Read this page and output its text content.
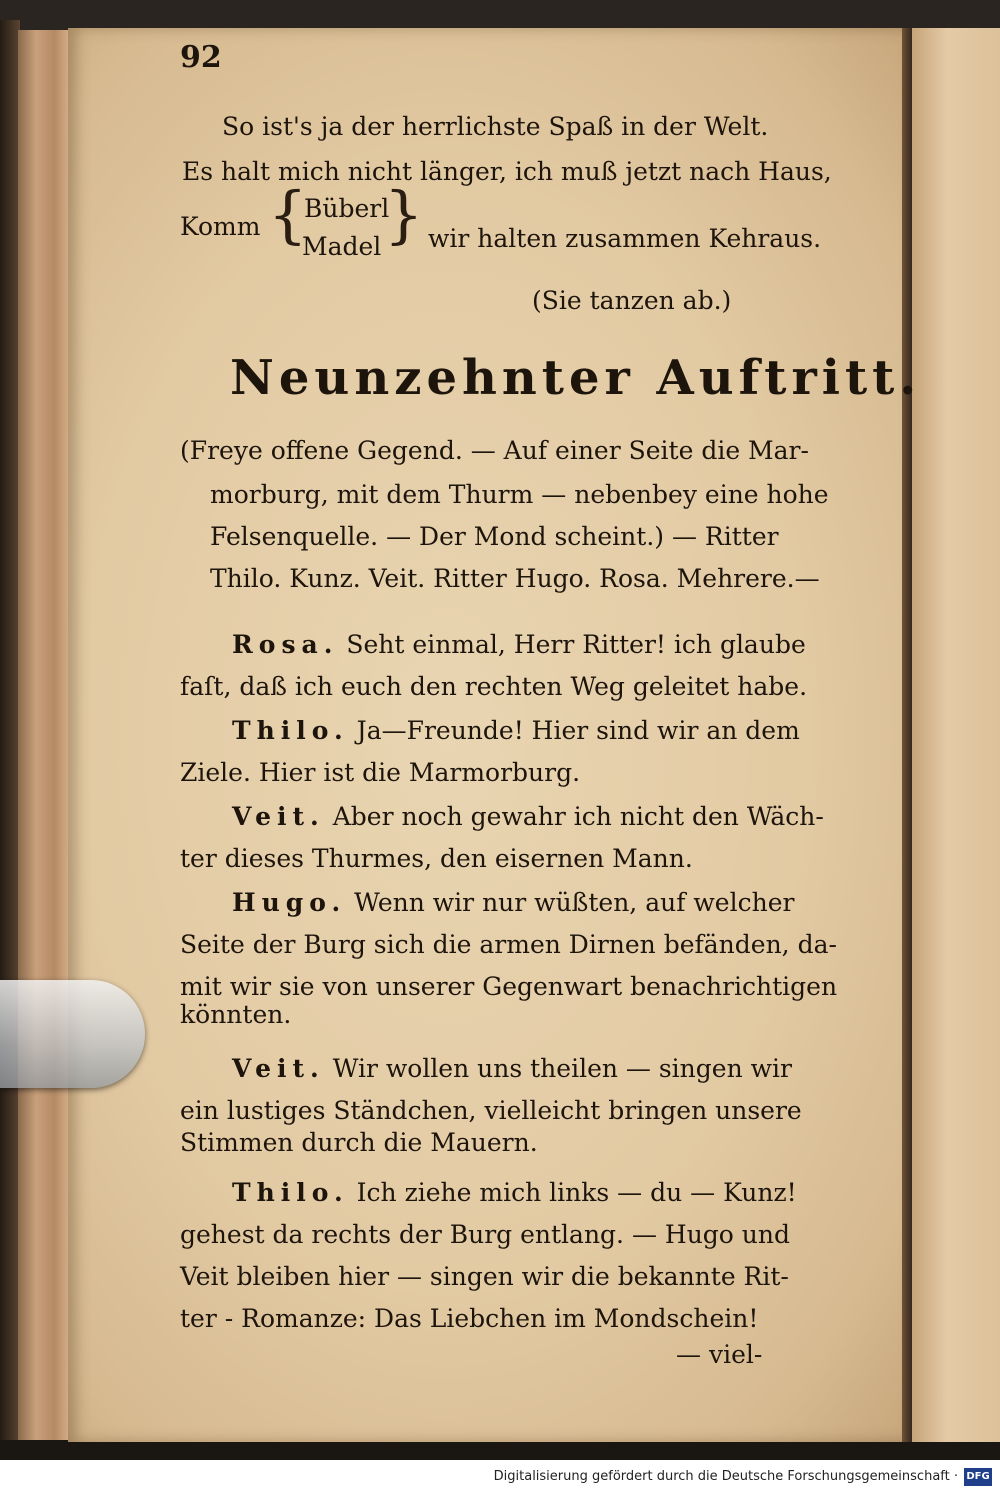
92
So ist's ja der herrlichste Spaß in der Welt.
Es halt mich nicht länger, ich muß jetzt nach Haus,
Komm {
Büberl
Madel } wir halten zusammen Kehraus.
(Sie tanzen ab.)
Neunzehnter Auftritt.
(Freye offene Gegend. — Auf einer Seite die Mar-
morburg, mit dem Thurm — nebenbey eine hohe
Felsenquelle. — Der Mond scheint.) — Ritter
Thilo. Kunz. Veit. Ritter Hugo. Rosa. Mehrere.—
Rosa. Seht einmal, Herr Ritter! ich glaube
faſt, daß ich euch den rechten Weg geleitet habe.
Thilo. Ja—Freunde! Hier sind wir an dem
Ziele. Hier ist die Marmorburg.
Veit. Aber noch gewahr ich nicht den Wäch-
ter dieses Thurmes, den eisernen Mann.
Hugo. Wenn wir nur wüßten, auf welcher
Seite der Burg sich die armen Dirnen befänden, da-
mit wir sie von unserer Gegenwart benachrichtigen
könnten.
Veit. Wir wollen uns theilen — singen wir
ein lustiges Ständchen, vielleicht bringen unsere
Stimmen durch die Mauern.
Thilo. Ich ziehe mich links — du — Kunz!
gehest da rechts der Burg entlang. — Hugo und
Veit bleiben hier — singen wir die bekannte Rit-
ter - Romanze: Das Liebchen im Mondschein!
— viel-
Digitalisierung gefördert durch die Deutsche Forschungsgemeinschaft · DFG
